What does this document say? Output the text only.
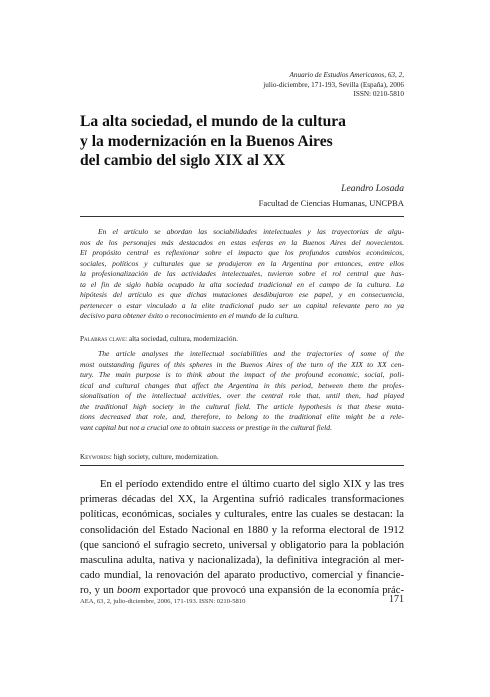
Anuario de Estudios Americanos, 63, 2,
julio-diciembre, 171-193, Sevilla (España), 2006
ISSN: 0210-5810
La alta sociedad, el mundo de la cultura
y la modernización en la Buenos Aires
del cambio del siglo XIX al XX
Leandro Losada
Facultad de Ciencias Humanas, UNCPBA
En el artículo se abordan las sociabilidades intelectuales y las trayectorias de algu-
nos de los personajes más destacados en estas esferas en la Buenos Aires del novecientos.
El propósito central es reflexionar sobre el impacto que los profundos cambios económicos,
sociales, políticos y culturales que se produjeron en la Argentina por entonces, entre ellos
la profesionalización de las actividades intelectuales, tuvieron sobre el rol central que has-
ta el fin de siglo había ocupado la alta sociedad tradicional en el campo de la cultura. La
hipótesis del artículo es que dichas mutaciones desdibujaron ese papel, y en consecuencia,
pertenecer o estar vinculado a la elite tradicional pudo ser un capital relevante pero no ya
decisivo para obtener éxito o reconocimiento en el mundo de la cultura.
Palabras clave: alta sociedad, cultura, modernización.
The article analyses the intellectual sociabilities and the trajectories of some of the
most outstanding figures of this spheres in the Buenos Aires of the turn of the XIX to XX cen-
tury. The main purpose is to think about the impact of the profound economic, social, poli-
tical and cultural changes that affect the Argentina in this period, between them the profes-
sionalisation of the intellectual activities, over the central role that, until then, had played
the traditional high society in the cultural field. The article hypothesis is that these muta-
tions decreased that role, and, therefore, to belong to the traditional elite might be a rele-
vant capital but not a crucial one to obtain success or prestige in the cultural field.
Keywords: high society, culture, modernization.
En el período extendido entre el último cuarto del siglo XIX y las tres
primeras décadas del XX, la Argentina sufrió radicales transformaciones
políticas, económicas, sociales y culturales, entre las cuales se destacan: la
consolidación del Estado Nacional en 1880 y la reforma electoral de 1912
(que sancionó el sufragio secreto, universal y obligatorio para la población
masculina adulta, nativa y nacionalizada), la definitiva integración al mer-
cado mundial, la renovación del aparato productivo, comercial y financie-
ro, y un boom exportador que provocó una expansión de la economía prác-
AEA, 63, 2, julio-diciembre, 2006, 171-193. ISSN: 0210-5810	171
